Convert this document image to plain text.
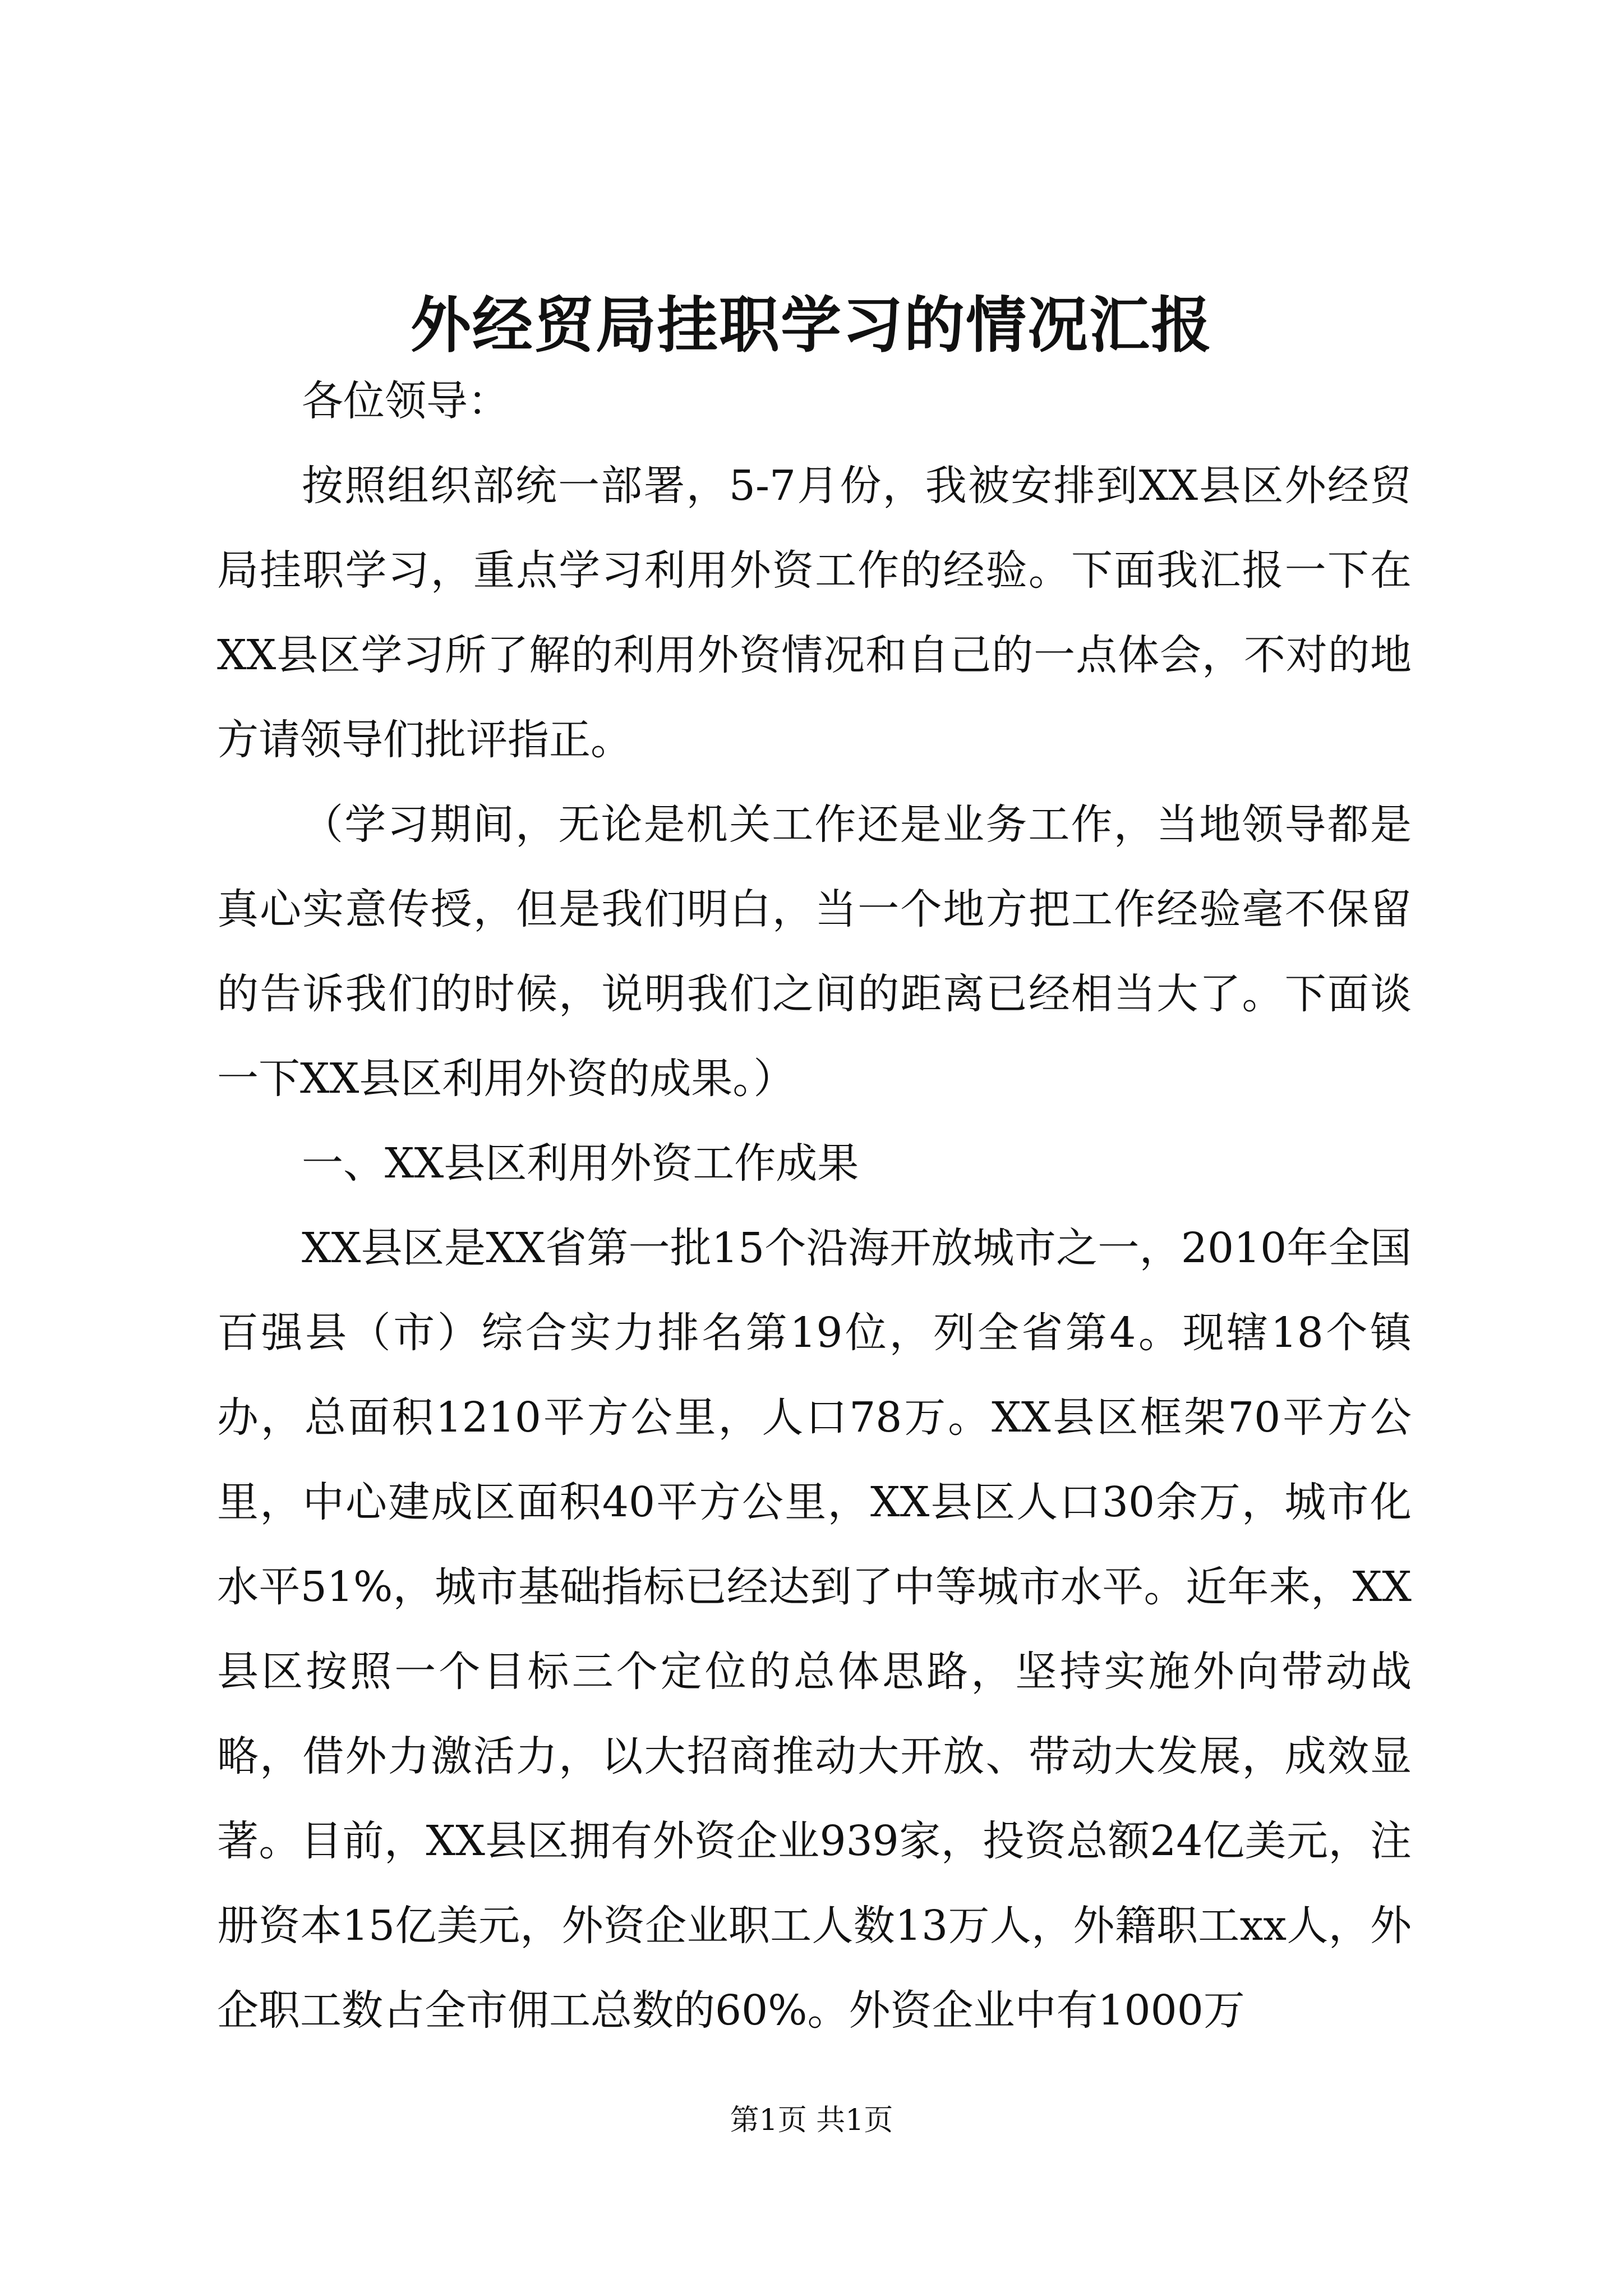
外经贸局挂职学习的情况汇报

各位领导：

按照组织部统一部署，5-7月份，我被安排到XX县区外经贸局挂职学习，重点学习利用外资工作的经验。下面我汇报一下在XX县区学习所了解的利用外资情况和自己的一点体会，不对的地方请领导们批评指正。

（学习期间，无论是机关工作还是业务工作，当地领导都是真心实意传授，但是我们明白，当一个地方把工作经验毫不保留的告诉我们的时候，说明我们之间的距离已经相当大了。下面谈一下XX县区利用外资的成果。）

一、XX县区利用外资工作成果

XX县区是XX省第一批15个沿海开放城市之一，2010年全国百强县（市）综合实力排名第19位，列全省第4。现辖18个镇办，总面积1210平方公里，人口78万。XX县区框架70平方公里，中心建成区面积40平方公里，XX县区人口30余万，城市化水平51%，城市基础指标已经达到了中等城市水平。近年来，XX县区按照一个目标三个定位的总体思路，坚持实施外向带动战略，借外力激活力，以大招商推动大开放、带动大发展，成效显著。目前，XX县区拥有外资企业939家，投资总额24亿美元，注册资本15亿美元，外资企业职工人数13万人，外籍职工xx人，外企职工数占全市佣工总数的60%。外资企业中有1000万

第1页 共1页
